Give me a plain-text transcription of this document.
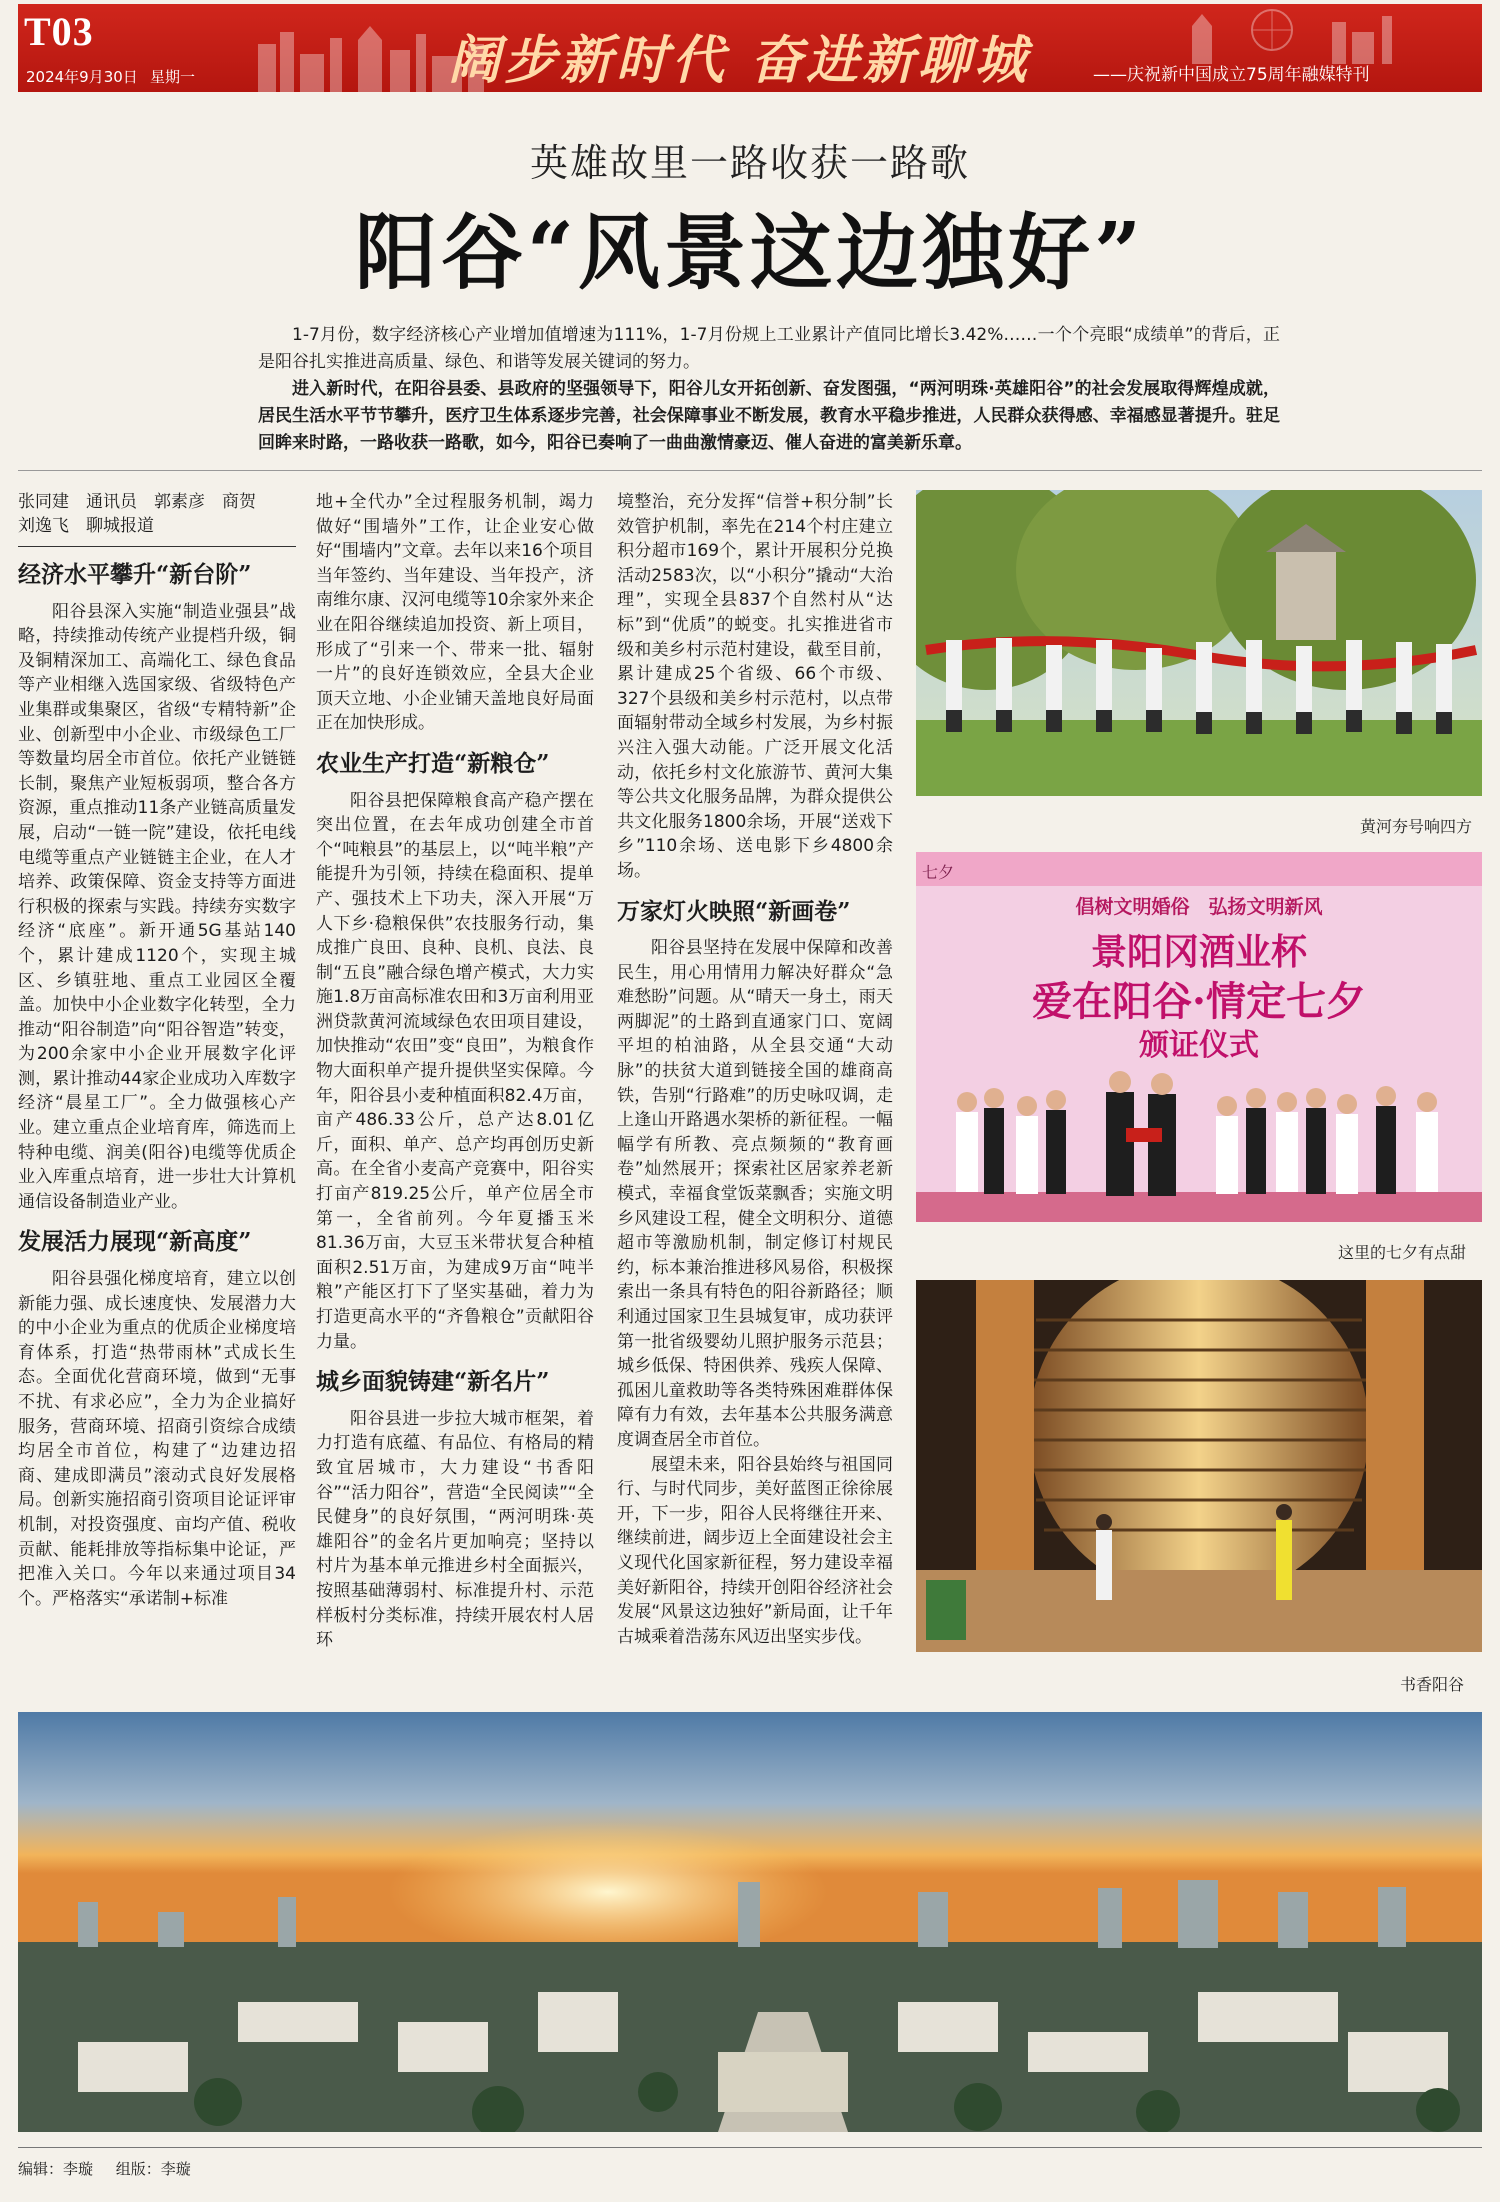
T03
2024年9月30日 星期一	阔步新时代 奋进新聊城	——庆祝新中国成立75周年融媒特刊
英雄故里一路收获一路歌
阳谷“风景这边独好”

1-7月份，数字经济核心产业增加值增速为111%，1-7月份规上工业累计产值同比增长3.42%……一个个亮眼“成绩单”的背后，正是阳谷扎实推进高质量、绿色、和谐等发展关键词的努力。

进入新时代，在阳谷县委、县政府的坚强领导下，阳谷儿女开拓创新、奋发图强，“两河明珠·英雄阳谷”的社会发展取得辉煌成就，居民生活水平节节攀升，医疗卫生体系逐步完善，社会保障事业不断发展，教育水平稳步推进，人民群众获得感、幸福感显著提升。驻足回眸来时路，一路收获一路歌，如今，阳谷已奏响了一曲曲激情豪迈、催人奋进的富美新乐章。

张同建　通讯员　郭素彦　商贺
刘逸飞　聊城报道
经济水平攀升“新台阶”

阳谷县深入实施“制造业强县”战略，持续推动传统产业提档升级，铜及铜精深加工、高端化工、绿色食品等产业相继入选国家级、省级特色产业集群或集聚区，省级“专精特新”企业、创新型中小企业、市级绿色工厂等数量均居全市首位。依托产业链链长制，聚焦产业短板弱项，整合各方资源，重点推动11条产业链高质量发展，启动“一链一院”建设，依托电线电缆等重点产业链链主企业，在人才培养、政策保障、资金支持等方面进行积极的探索与实践。持续夯实数字经济“底座”。新开通5G基站140个，累计建成1120个，实现主城区、乡镇驻地、重点工业园区全覆盖。加快中小企业数字化转型，全力推动“阳谷制造”向“阳谷智造”转变，为200余家中小企业开展数字化评测，累计推动44家企业成功入库数字经济“晨星工厂”。全力做强核心产业。建立重点企业培育库，筛选而上特种电缆、润美(阳谷)电缆等优质企业入库重点培育，进一步壮大计算机通信设备制造业产业。

发展活力展现“新高度”

阳谷县强化梯度培育，建立以创新能力强、成长速度快、发展潜力大的中小企业为重点的优质企业梯度培育体系，打造“热带雨林”式成长生态。全面优化营商环境，做到“无事不扰、有求必应”，全力为企业搞好服务，营商环境、招商引资综合成绩均居全市首位，构建了“边建边招商、建成即满员”滚动式良好发展格局。创新实施招商引资项目论证评审机制，对投资强度、亩均产值、税收贡献、能耗排放等指标集中论证，严把准入关口。今年以来通过项目34个。严格落实“承诺制+标准

地+全代办”全过程服务机制，竭力做好“围墙外”工作，让企业安心做好“围墙内”文章。去年以来16个项目当年签约、当年建设、当年投产，济南维尔康、汉河电缆等10余家外来企业在阳谷继续追加投资、新上项目，形成了“引来一个、带来一批、辐射一片”的良好连锁效应，全县大企业顶天立地、小企业铺天盖地良好局面正在加快形成。

农业生产打造“新粮仓”

阳谷县把保障粮食高产稳产摆在突出位置，在去年成功创建全市首个“吨粮县”的基层上，以“吨半粮”产能提升为引领，持续在稳面积、提单产、强技术上下功夫，深入开展“万人下乡·稳粮保供”农技服务行动，集成推广良田、良种、良机、良法、良制“五良”融合绿色增产模式，大力实施1.8万亩高标准农田和3万亩利用亚洲贷款黄河流域绿色农田项目建设，加快推动“农田”变“良田”，为粮食作物大面积单产提升提供坚实保障。今年，阳谷县小麦种植面积82.4万亩，亩产486.33公斤，总产达8.01亿斤，面积、单产、总产均再创历史新高。在全省小麦高产竞赛中，阳谷实打亩产819.25公斤，单产位居全市第一，全省前列。今年夏播玉米81.36万亩，大豆玉米带状复合种植面积2.51万亩，为建成9万亩“吨半粮”产能区打下了坚实基础，着力为打造更高水平的“齐鲁粮仓”贡献阳谷力量。

城乡面貌铸建“新名片”

阳谷县进一步拉大城市框架，着力打造有底蕴、有品位、有格局的精致宜居城市，大力建设“书香阳谷”“活力阳谷”，营造“全民阅读”“全民健身”的良好氛围，“两河明珠·英雄阳谷”的金名片更加响亮；坚持以村片为基本单元推进乡村全面振兴，按照基础薄弱村、标准提升村、示范样板村分类标准，持续开展农村人居环

境整治，充分发挥“信誉+积分制”长效管护机制，率先在214个村庄建立积分超市169个，累计开展积分兑换活动2583次，以“小积分”撬动“大治理”，实现全县837个自然村从“达标”到“优质”的蜕变。扎实推进省市级和美乡村示范村建设，截至目前，累计建成25个省级、66个市级、327个县级和美乡村示范村，以点带面辐射带动全域乡村发展，为乡村振兴注入强大动能。广泛开展文化活动，依托乡村文化旅游节、黄河大集等公共文化服务品牌，为群众提供公共文化服务1800余场，开展“送戏下乡”110余场、送电影下乡4800余场。

万家灯火映照“新画卷”

阳谷县坚持在发展中保障和改善民生，用心用情用力解决好群众“急难愁盼”问题。从“晴天一身土，雨天两脚泥”的土路到直通家门口、宽阔平坦的柏油路，从全县交通“大动脉”的扶贫大道到链接全国的雄商高铁，告别“行路难”的历史咏叹调，走上逢山开路遇水架桥的新征程。一幅幅学有所教、亮点频频的“教育画卷”灿然展开；探索社区居家养老新模式，幸福食堂饭菜飘香；实施文明乡风建设工程，健全文明积分、道德超市等激励机制，制定修订村规民约，标本兼治推进移风易俗，积极探索出一条具有特色的阳谷新路径；顺利通过国家卫生县城复审，成功获评第一批省级婴幼儿照护服务示范县；城乡低保、特困供养、残疾人保障、孤困儿童救助等各类特殊困难群体保障有力有效，去年基本公共服务满意度调查居全市首位。

展望未来，阳谷县始终与祖国同行、与时代同步，美好蓝图正徐徐展开，下一步，阳谷人民将继往开来、继续前进，阔步迈上全面建设社会主义现代化国家新征程，努力建设幸福美好新阳谷，持续开创阳谷经济社会发展“风景这边独好”新局面，让千年古城乘着浩荡东风迈出坚实步伐。

黄河夯号响四方
七夕
倡树文明婚俗　弘扬文明新风
景阳冈酒业杯
爱在阳谷·情定七夕
颁证仪式
这里的七夕有点甜
书香阳谷
编辑：李璇 组版：李璇
